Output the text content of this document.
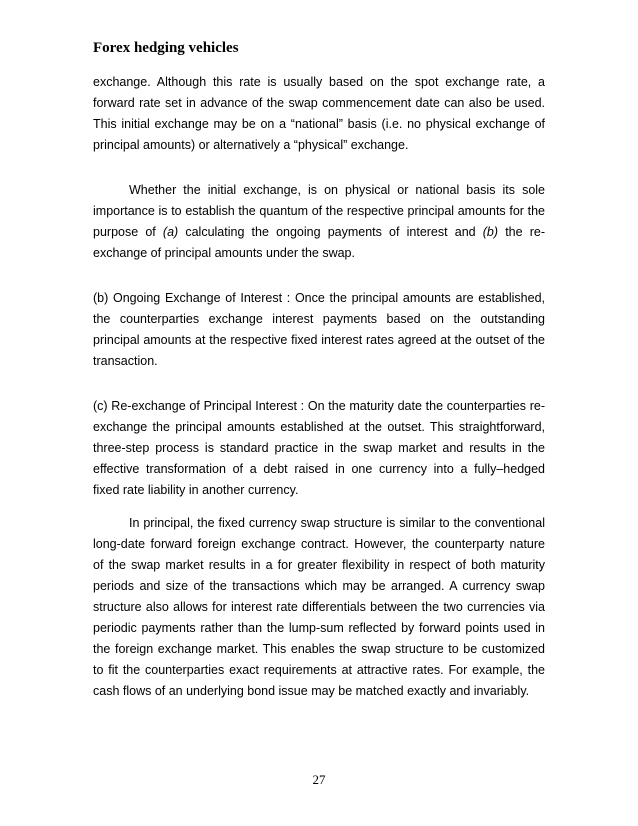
Forex hedging vehicles
exchange. Although this rate is usually based on the spot exchange rate, a
forward rate set in advance of the swap commencement date can also be used.
This initial exchange may be on a “national” basis (i.e. no physical exchange of
principal amounts) or alternatively a “physical” exchange.
Whether the initial exchange, is on physical or national basis its sole
importance is to establish the quantum of the respective principal amounts for the
purpose of (a) calculating the ongoing payments of interest and (b) the re-
exchange of principal amounts under the swap.
(b) Ongoing Exchange of Interest : Once the principal amounts are established,
the counterparties exchange interest payments based on the outstanding
principal amounts at the respective fixed interest rates agreed at the outset of the
transaction.
(c) Re-exchange of Principal Interest : On the maturity date the counterparties re-
exchange the principal amounts established at the outset. This straightforward,
three-step process is standard practice in the swap market and results in the
effective transformation of a debt raised in one currency into a fully–hedged
fixed rate liability in another currency.
In principal, the fixed currency swap structure is similar to the conventional
long-date forward foreign exchange contract. However, the counterparty nature
of the swap market results in a for greater flexibility in respect of both maturity
periods and size of the transactions which may be arranged. A currency swap
structure also allows for interest rate differentials between the two currencies via
periodic payments rather than the lump-sum reflected by forward points used in
the foreign exchange market. This enables the swap structure to be customized
to fit the counterparties exact requirements at attractive rates. For example, the
cash flows of an underlying bond issue may be matched exactly and invariably.
27
